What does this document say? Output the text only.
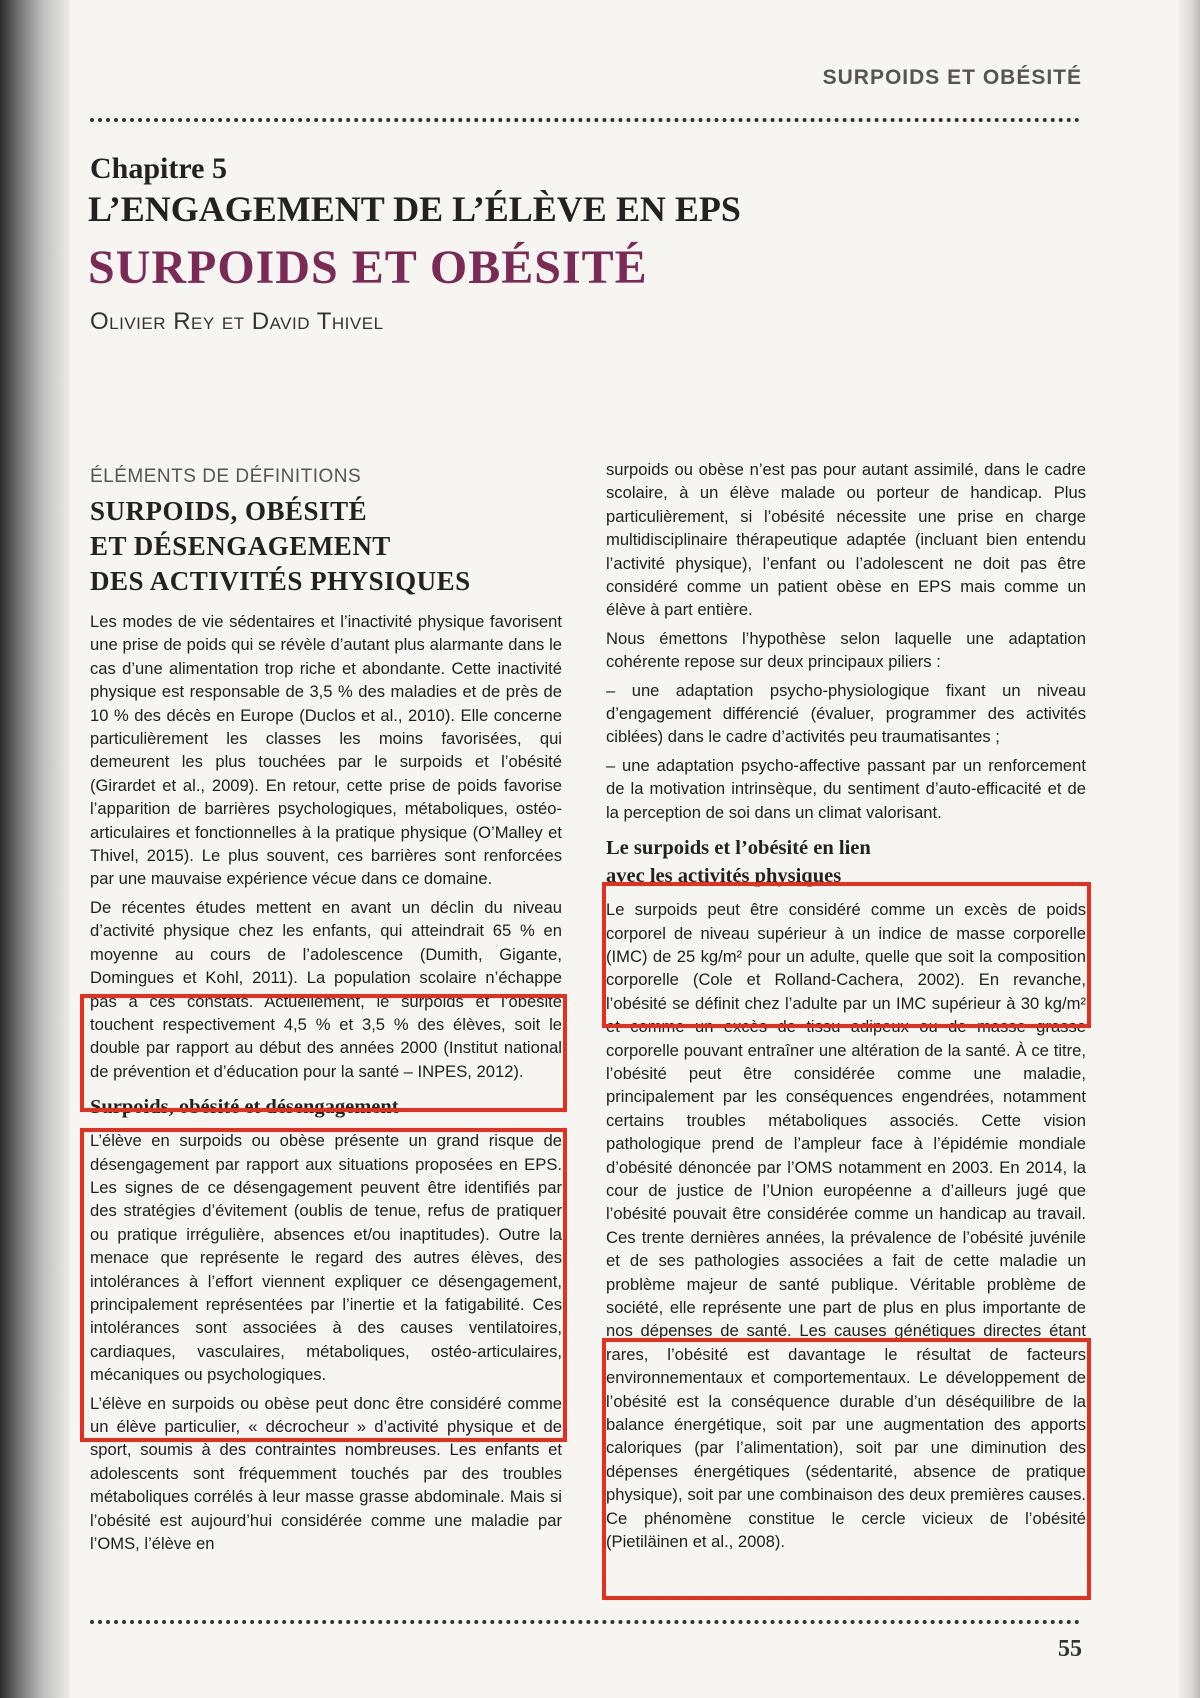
SURPOIDS ET OBÉSITÉ
Chapitre 5
L’ENGAGEMENT DE L’ÉLÈVE EN EPS
SURPOIDS ET OBÉSITÉ
Olivier Rey et David Thivel
ÉLÉMENTS DE DÉFINITIONS
SURPOIDS, OBÉSITÉ
ET DÉSENGAGEMENT
DES ACTIVITÉS PHYSIQUES

Les modes de vie sédentaires et l’inactivité physique favorisent une prise de poids qui se révèle d’autant plus alarmante dans le cas d’une alimentation trop riche et abondante. Cette inactivité physique est responsable de 3,5 % des maladies et de près de 10 % des décès en Europe (Duclos et al., 2010). Elle concerne particulièrement les classes les moins favorisées, qui demeurent les plus touchées par le surpoids et l’obésité (Girardet et al., 2009). En retour, cette prise de poids favorise l’apparition de barrières psychologiques, métaboliques, ostéo-articulaires et fonctionnelles à la pratique physique (O’Malley et Thivel, 2015). Le plus souvent, ces barrières sont renforcées par une mauvaise expérience vécue dans ce domaine.

De récentes études mettent en avant un déclin du niveau d’activité physique chez les enfants, qui atteindrait 65 % en moyenne au cours de l’adolescence (Dumith, Gigante, Domingues et Kohl, 2011). La population scolaire n’échappe pas à ces constats. Actuellement, le surpoids et l’obésité touchent respectivement 4,5 % et 3,5 % des élèves, soit le double par rapport au début des années 2000 (Institut national de prévention et d’éducation pour la santé – INPES, 2012).

Surpoids, obésité et désengagement

L’élève en surpoids ou obèse présente un grand risque de désengagement par rapport aux situations proposées en EPS. Les signes de ce désengagement peuvent être identifiés par des stratégies d’évitement (oublis de tenue, refus de pratiquer ou pratique irrégulière, absences et/ou inaptitudes). Outre la menace que représente le regard des autres élèves, des intolérances à l’effort viennent expliquer ce désengagement, principalement représentées par l’inertie et la fatigabilité. Ces intolérances sont associées à des causes ventilatoires, cardiaques, vasculaires, métaboliques, ostéo-articulaires, mécaniques ou psychologiques.

L’élève en surpoids ou obèse peut donc être considéré comme un élève particulier, « décrocheur » d’activité physique et de sport, soumis à des contraintes nombreuses. Les enfants et adolescents sont fréquemment touchés par des troubles métaboliques corrélés à leur masse grasse abdominale. Mais si l’obésité est aujourd’hui considérée comme une maladie par l’OMS, l’élève en

surpoids ou obèse n’est pas pour autant assimilé, dans le cadre scolaire, à un élève malade ou porteur de handicap. Plus particulièrement, si l’obésité nécessite une prise en charge multidisciplinaire thérapeutique adaptée (incluant bien entendu l’activité physique), l’enfant ou l’adolescent ne doit pas être considéré comme un patient obèse en EPS mais comme un élève à part entière.

Nous émettons l’hypothèse selon laquelle une adaptation cohérente repose sur deux principaux piliers :

– une adaptation psycho-physiologique fixant un niveau d’engagement différencié (évaluer, programmer des activités ciblées) dans le cadre d’activités peu traumatisantes ;

– une adaptation psycho-affective passant par un renforcement de la motivation intrinsèque, du sentiment d’auto-efficacité et de la perception de soi dans un climat valorisant.

Le surpoids et l’obésité en lien
avec les activités physiques

Le surpoids peut être considéré comme un excès de poids corporel de niveau supérieur à un indice de masse corporelle (IMC) de 25 kg/m² pour un adulte, quelle que soit la composition corporelle (Cole et Rolland-Cachera, 2002). En revanche, l’obésité se définit chez l’adulte par un IMC supérieur à 30 kg/m² et comme un excès de tissu adipeux ou de masse grasse corporelle pouvant entraîner une altération de la santé. À ce titre, l’obésité peut être considérée comme une maladie, principalement par les conséquences engendrées, notamment certains troubles métaboliques associés. Cette vision pathologique prend de l’ampleur face à l’épidémie mondiale d’obésité dénoncée par l’OMS notamment en 2003. En 2014, la cour de justice de l’Union européenne a d’ailleurs jugé que l’obésité pouvait être considérée comme un handicap au travail. Ces trente dernières années, la prévalence de l’obésité juvénile et de ses pathologies associées a fait de cette maladie un problème majeur de santé publique. Véritable problème de société, elle représente une part de plus en plus importante de nos dépenses de santé. Les causes génétiques directes étant rares, l’obésité est davantage le résultat de facteurs environnementaux et comportementaux. Le développement de l’obésité est la conséquence durable d’un déséquilibre de la balance énergétique, soit par une augmentation des apports caloriques (par l’alimentation), soit par une diminution des dépenses énergétiques (sédentarité, absence de pratique physique), soit par une combinaison des deux premières causes. Ce phénomène constitue le cercle vicieux de l’obésité (Pietiläinen et al., 2008).

55
